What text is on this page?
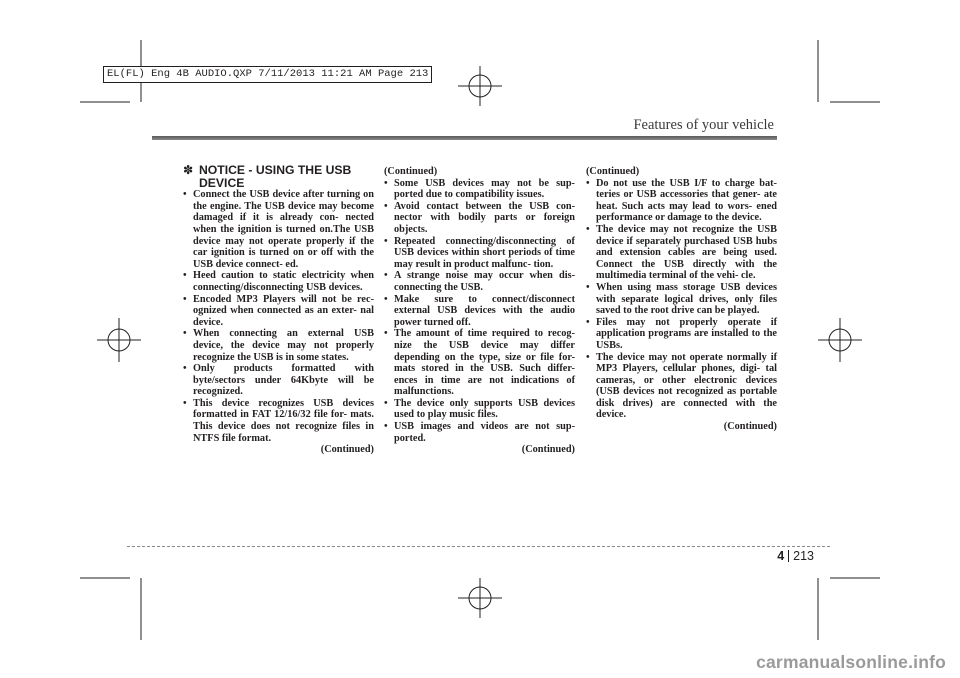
EL(FL) Eng 4B AUDIO.QXP 7/11/2013 11:21 AM Page 213
Features of your vehicle
✽ NOTICE - USING THE USB DEVICE
• Connect the USB device after turning on the engine. The USB device may become damaged if it is already con- nected when the ignition is turned on.The USB device may not operate properly if the car ignition is turned on or off with the USB device connect- ed.
• Heed caution to static electricity when connecting/disconnecting USB devices.
• Encoded MP3 Players will not be rec- ognized when connected as an exter- nal device.
• When connecting an external USB device, the device may not properly recognize the USB is in some states.
• Only products formatted with byte/sectors under 64Kbyte will be recognized.
• This device recognizes USB devices formatted in FAT 12/16/32 file for- mats. This device does not recognize files in NTFS file format.

(Continued)

(Continued)

• Some USB devices may not be sup- ported due to compatibility issues.
• Avoid contact between the USB con- nector with bodily parts or foreign objects.
• Repeated connecting/disconnecting of USB devices within short periods of time may result in product malfunc- tion.
• A strange noise may occur when dis- connecting the USB.
• Make sure to connect/disconnect external USB devices with the audio power turned off.
• The amount of time required to recog- nize the USB device may differ depending on the type, size or file for- mats stored in the USB. Such differ- ences in time are not indications of malfunctions.
• The device only supports USB devices used to play music files.
• USB images and videos are not sup- ported.

(Continued)

(Continued)

• Do not use the USB I/F to charge bat- teries or USB accessories that gener- ate heat. Such acts may lead to wors- ened performance or damage to the device.
• The device may not recognize the USB device if separately purchased USB hubs and extension cables are being used. Connect the USB directly with the multimedia terminal of the vehi- cle.
• When using mass storage USB devices with separate logical drives, only files saved to the root drive can be played.
• Files may not properly operate if application programs are installed to the USBs.
• The device may not operate normally if MP3 Players, cellular phones, digi- tal cameras, or other electronic devices (USB devices not recognized as portable disk drives) are connected with the device.

(Continued)

4 213
carmanualsonline.info
